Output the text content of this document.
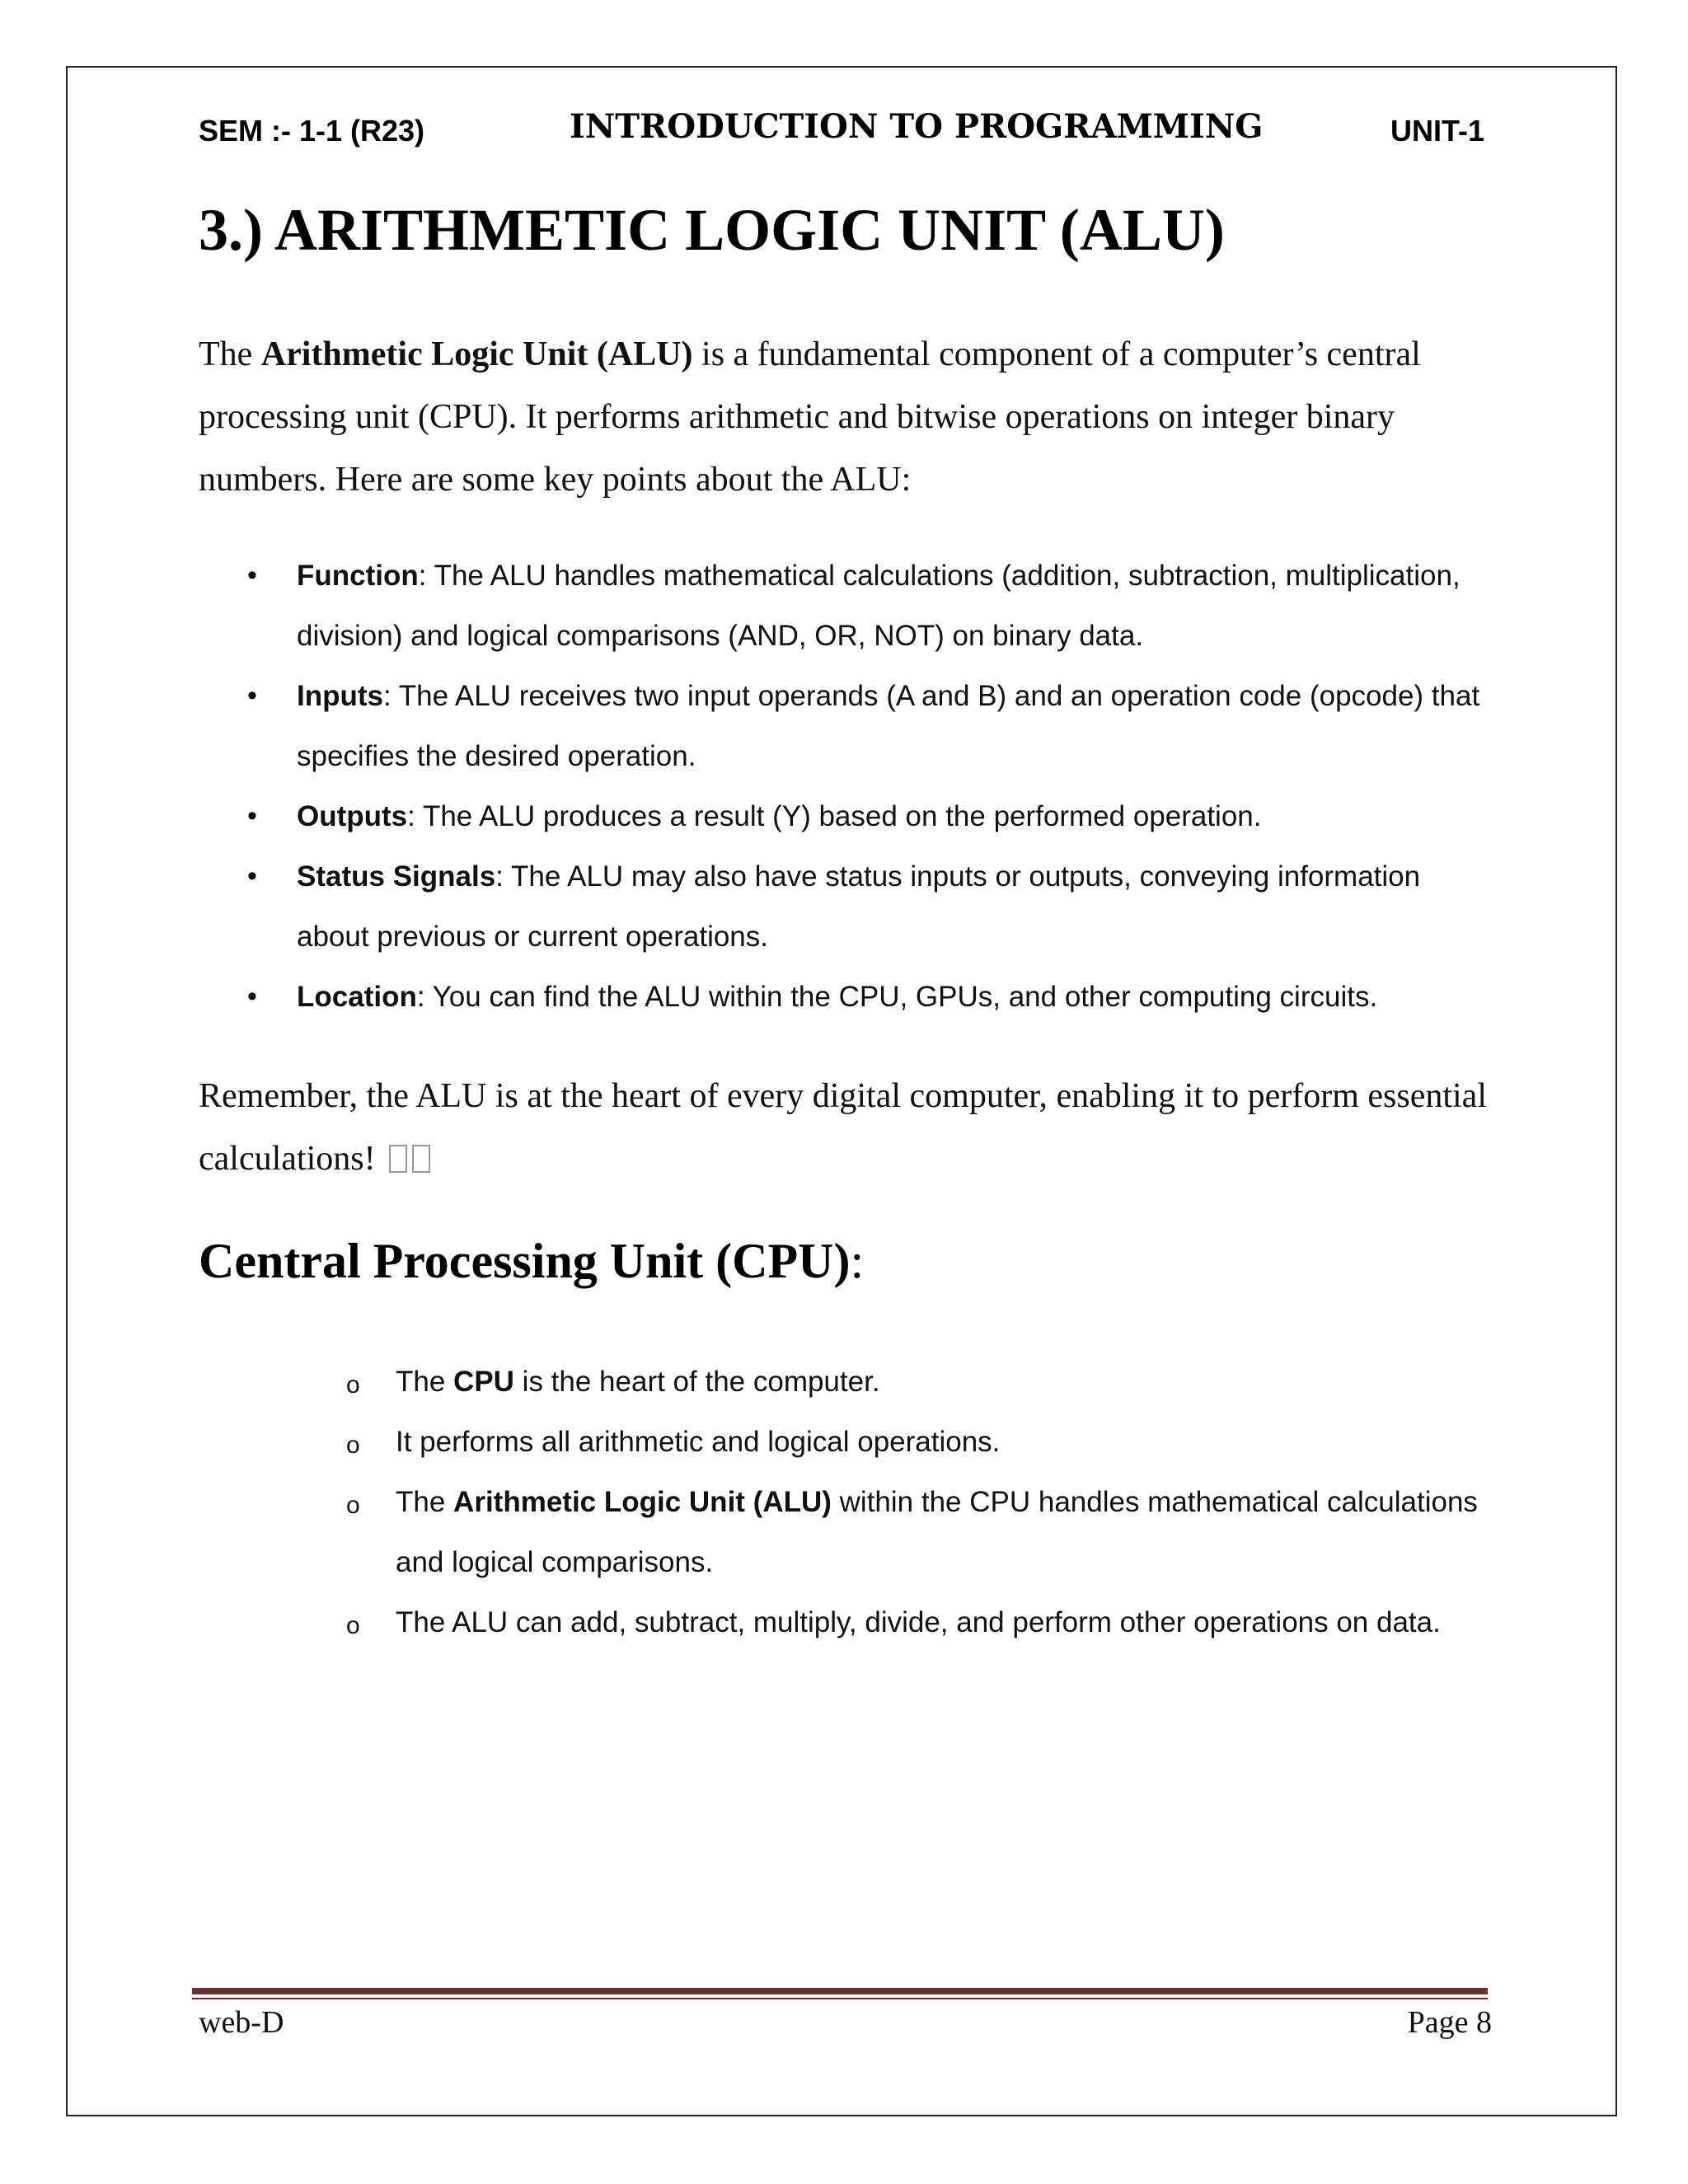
SEM :- 1-1 (R23)	INTRODUCTION TO PROGRAMMING	UNIT-1
3.) ARITHMETIC LOGIC UNIT (ALU)

The Arithmetic Logic Unit (ALU) is a fundamental component of a computer’s central processing unit (CPU). It performs arithmetic and bitwise operations on integer binary numbers. Here are some key points about the ALU:

• Function: The ALU handles mathematical calculations (addition, subtraction, multiplication, division) and logical comparisons (AND, OR, NOT) on binary data.
• Inputs: The ALU receives two input operands (A and B) and an operation code (opcode) that specifies the desired operation.
• Outputs: The ALU produces a result (Y) based on the performed operation.
• Status Signals: The ALU may also have status inputs or outputs, conveying information about previous or current operations.
• Location: You can find the ALU within the CPU, GPUs, and other computing circuits.

Remember, the ALU is at the heart of every digital computer, enabling it to perform essential calculations!

Central Processing Unit (CPU):
o The CPU is the heart of the computer.
o It performs all arithmetic and logical operations.
o The Arithmetic Logic Unit (ALU) within the CPU handles mathematical calculations and logical comparisons.
o The ALU can add, subtract, multiply, divide, and perform other operations on data.
web-D	Page 8
